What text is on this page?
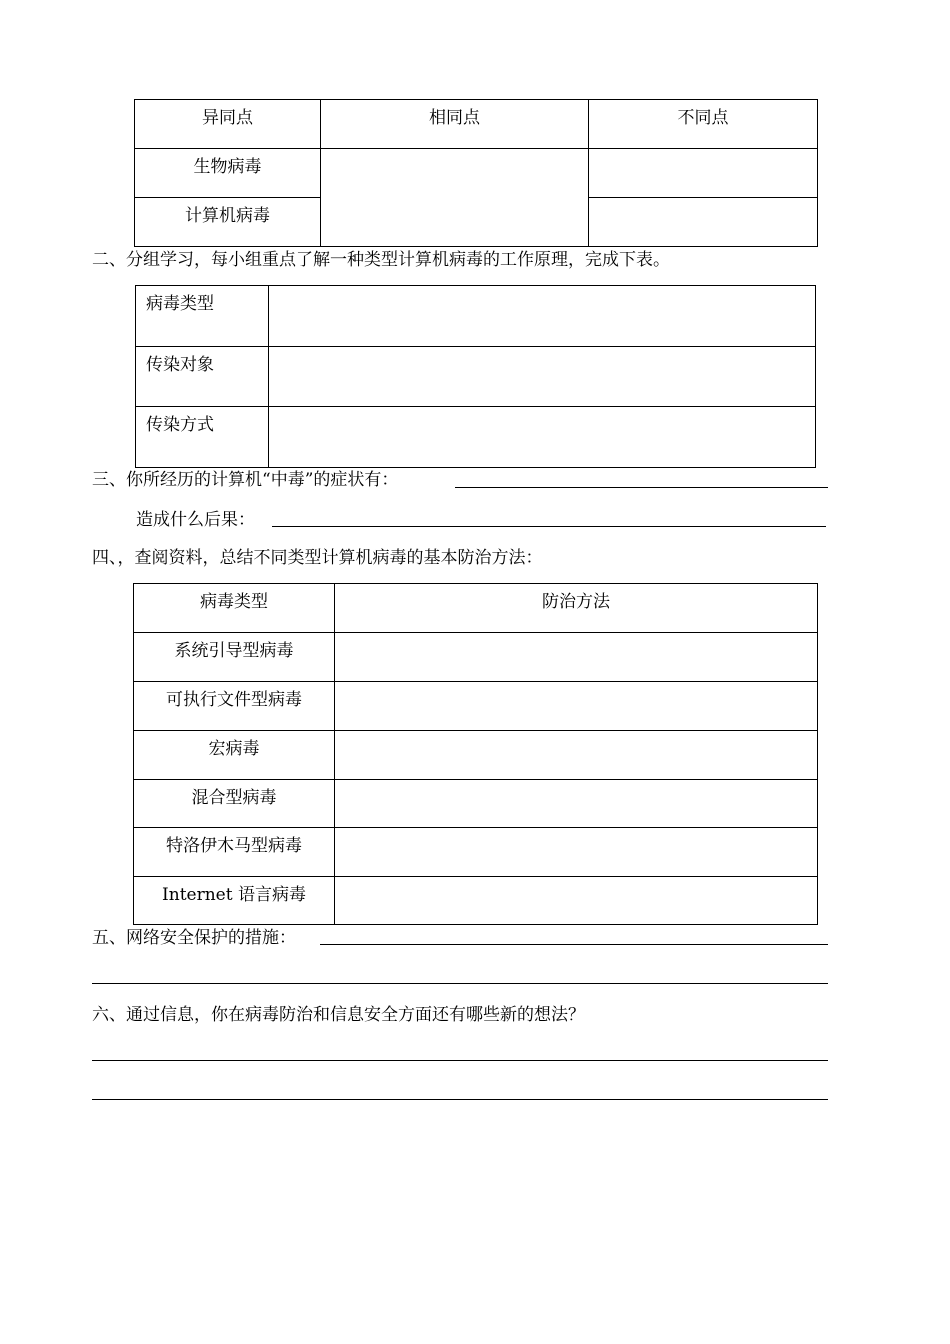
异同点	相同点	不同点

生物病毒		

计算机病毒		

二、分组学习，每小组重点了解一种类型计算机病毒的工作原理，完成下表。
病毒类型	

传染对象	

传染方式	

三、你所经历的计算机“中毒”的症状有：
造成什么后果：
四、，查阅资料，总结不同类型计算机病毒的基本防治方法：
病毒类型	防治方法

系统引导型病毒	

可执行文件型病毒	

宏病毒	

混合型病毒	

特洛伊木马型病毒	

Internet 语言病毒	

五、网络安全保护的措施：
六、通过信息，你在病毒防治和信息安全方面还有哪些新的想法？
